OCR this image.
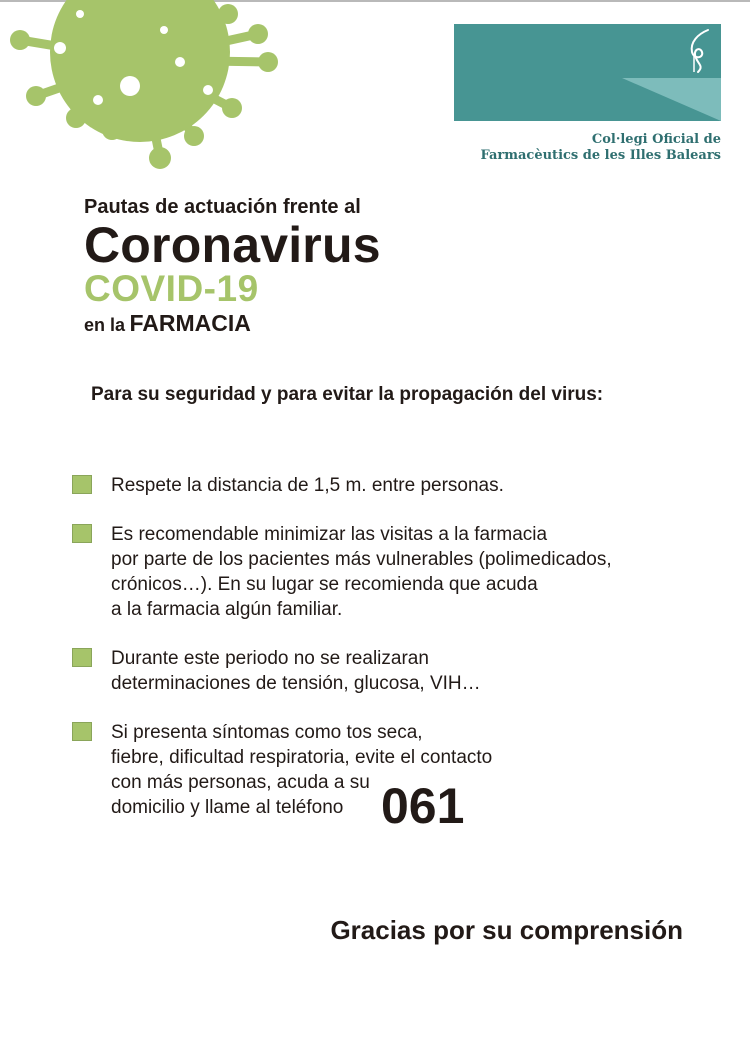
Col·legi Oficial de
Farmacèutics de les Illes Balears
Pautas de actuación frente al
Coronavirus
COVID-19
en la FARMACIA
Para su seguridad y para evitar la propagación del virus:
Respete la distancia de 1,5 m. entre personas.
Es recomendable minimizar las visitas a la farmacia
por parte de los pacientes más vulnerables (polimedicados,
crónicos…). En su lugar se recomienda que acuda
a la farmacia algún familiar.
Durante este periodo no se realizaran
determinaciones de tensión, glucosa, VIH…
Si presenta síntomas como tos seca,
fiebre, dificultad respiratoria, evite el contacto
con más personas, acuda a su
domicilio y llame al teléfono 061
Gracias por su comprensión
